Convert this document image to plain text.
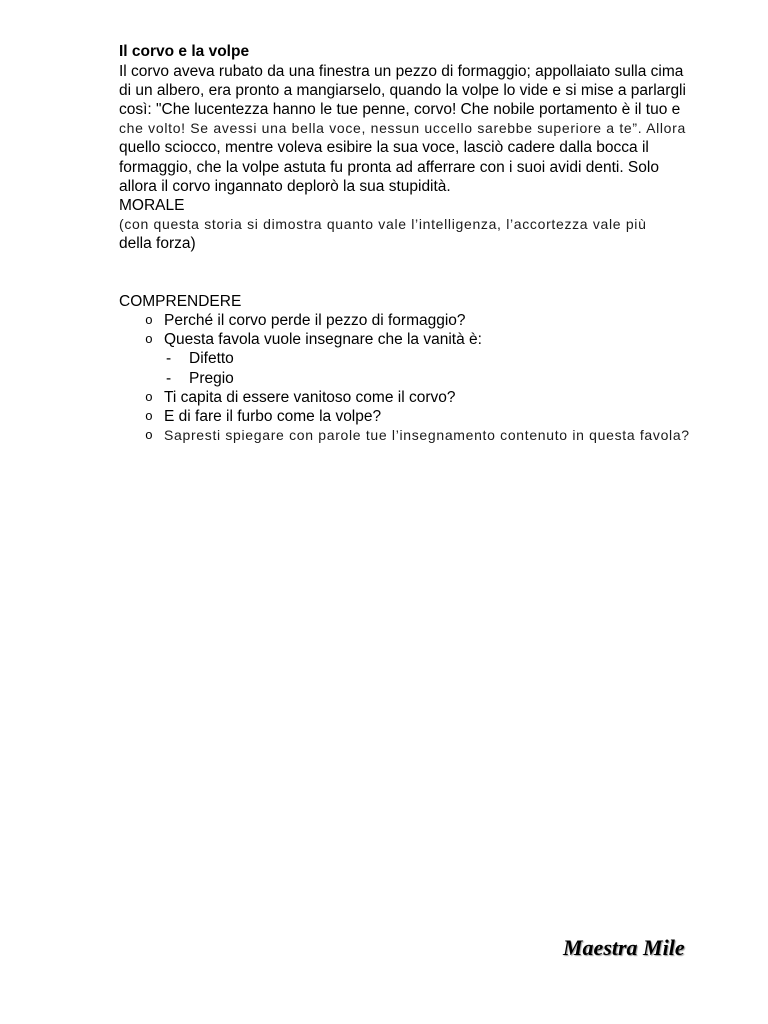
Il corvo e la volpe
Il corvo aveva rubato da una finestra un pezzo di formaggio; appollaiato sulla cima
di un albero, era pronto a mangiarselo, quando la volpe lo vide e si mise a parlargli
così: "Che lucentezza hanno le tue penne, corvo! Che nobile portamento è il tuo e
che volto! Se avessi una bella voce, nessun uccello sarebbe superiore a te”. Allora
quello sciocco, mentre voleva esibire la sua voce, lasciò cadere dalla bocca il
formaggio, che la volpe astuta fu pronta ad afferrare con i suoi avidi denti. Solo
allora il corvo ingannato deplorò la sua stupidità.
MORALE
(con questa storia si dimostra quanto vale l’intelligenza, l’accortezza vale più
della forza)
COMPRENDERE
o Perché il corvo perde il pezzo di formaggio?
o Questa favola vuole insegnare che la vanità è:
- Difetto
- Pregio
o Ti capita di essere vanitoso come il corvo?
o E di fare il furbo come la volpe?
o Sapresti spiegare con parole tue l’insegnamento contenuto in questa favola?
Maestra Mile
